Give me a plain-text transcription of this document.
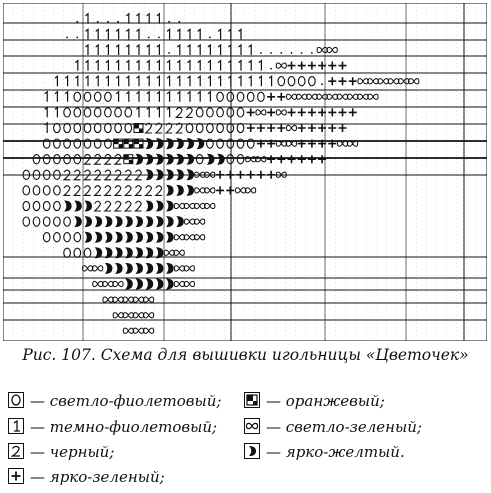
Рис. 107. Схема для вышивки игольницы «Цветочек»
— светло-фиолетовый;
— темно-фиолетовый;
— черный;
— ярко-зеленый;
— оранжевый;
— светло-зеленый;
— ярко-желтый.
